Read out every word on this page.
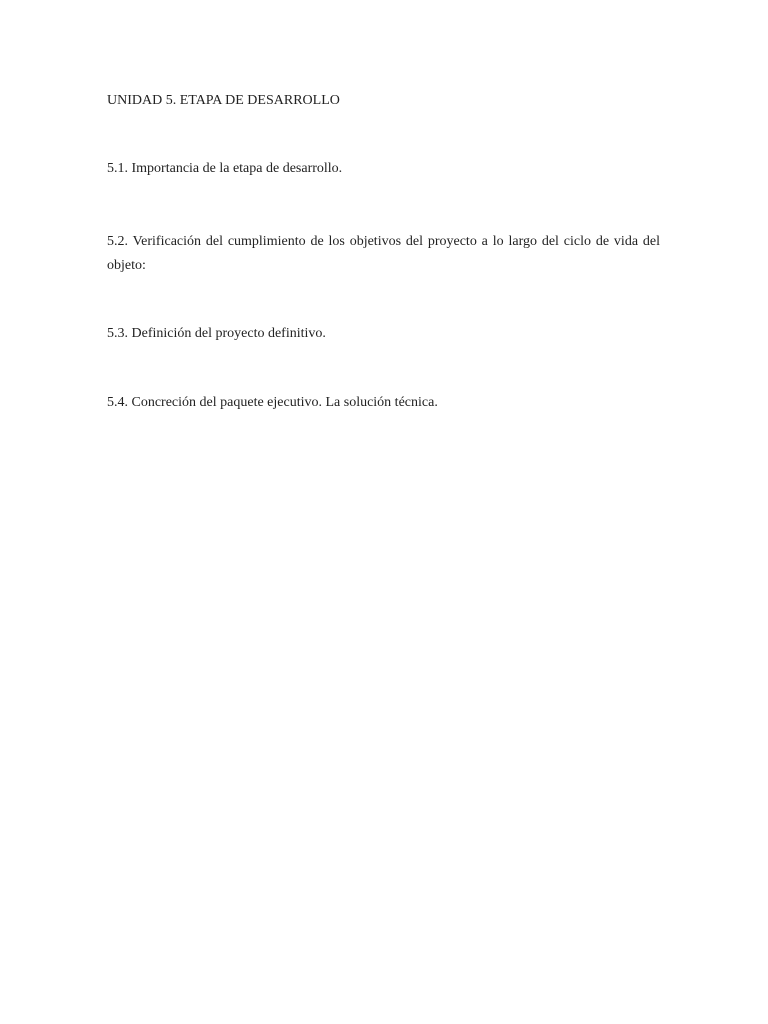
UNIDAD 5. ETAPA DE DESARROLLO
5.1. Importancia de la etapa de desarrollo.
5.2. Verificación del cumplimiento de los objetivos del proyecto a lo largo del ciclo de vida del objeto:
5.3. Definición del proyecto definitivo.
5.4. Concreción del paquete ejecutivo. La solución técnica.
